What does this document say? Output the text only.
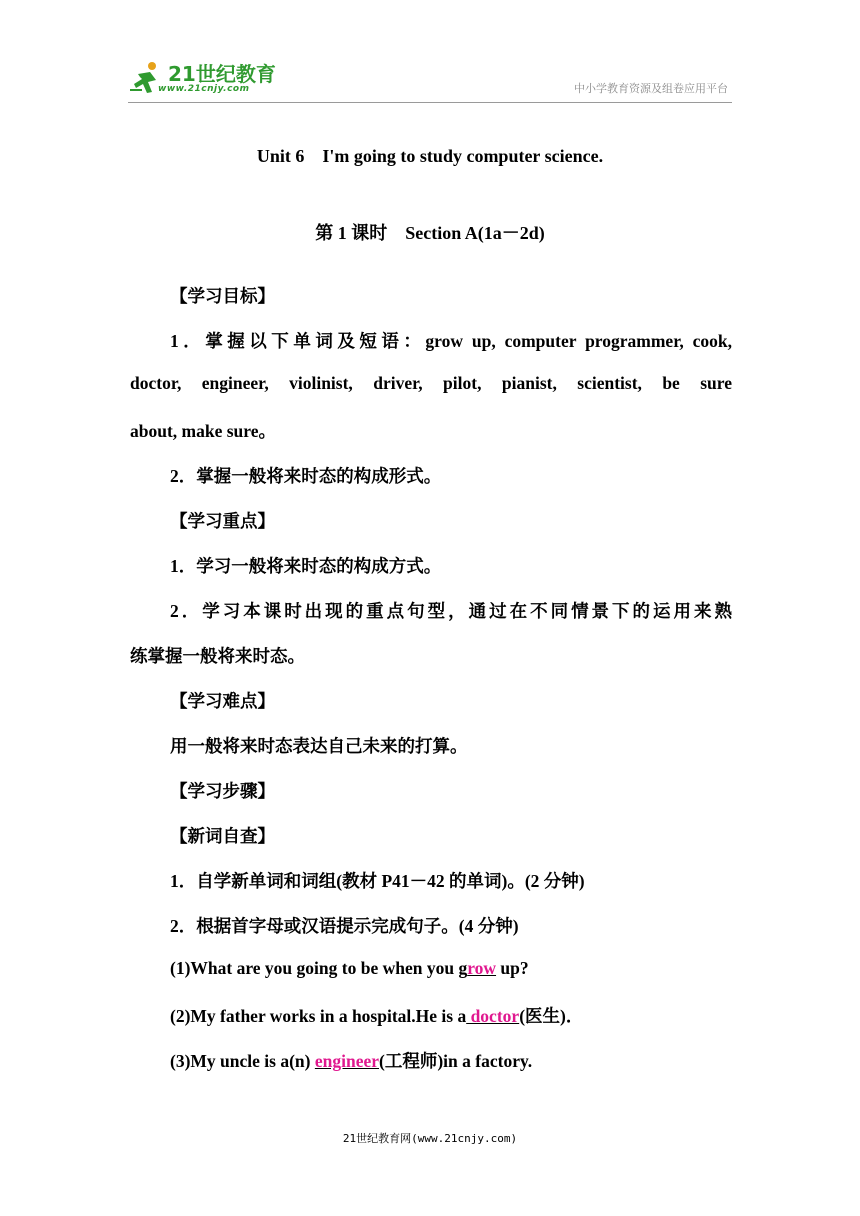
21世纪教育
www.21cnjy.com	中小学教育资源及组卷应用平台
Unit 6 I'm going to study computer science.
第 1 课时 Section A(1a－2d)
【学习目标】
1．掌握以下单词及短语：grow up, computer programmer, cook,
doctor, engineer, violinist, driver, pilot, pianist, scientist, be sure
about, make sure。
2．掌握一般将来时态的构成形式。
【学习重点】
1．学习一般将来时态的构成方式。
2．学习本课时出现的重点句型，通过在不同情景下的运用来熟
练掌握一般将来时态。
【学习难点】
用一般将来时态表达自己未来的打算。
【学习步骤】
【新词自查】
1．自学新单词和词组(教材 P41－42 的单词)。(2 分钟)
2．根据首字母或汉语提示完成句子。(4 分钟)
(1)What are you going to be when you grow up?
(2)My father works in a hospital.He is a doctor(医生)．
(3)My uncle is a(n) engineer(工程师)in a factory.
21世纪教育网(www.21cnjy.com)
